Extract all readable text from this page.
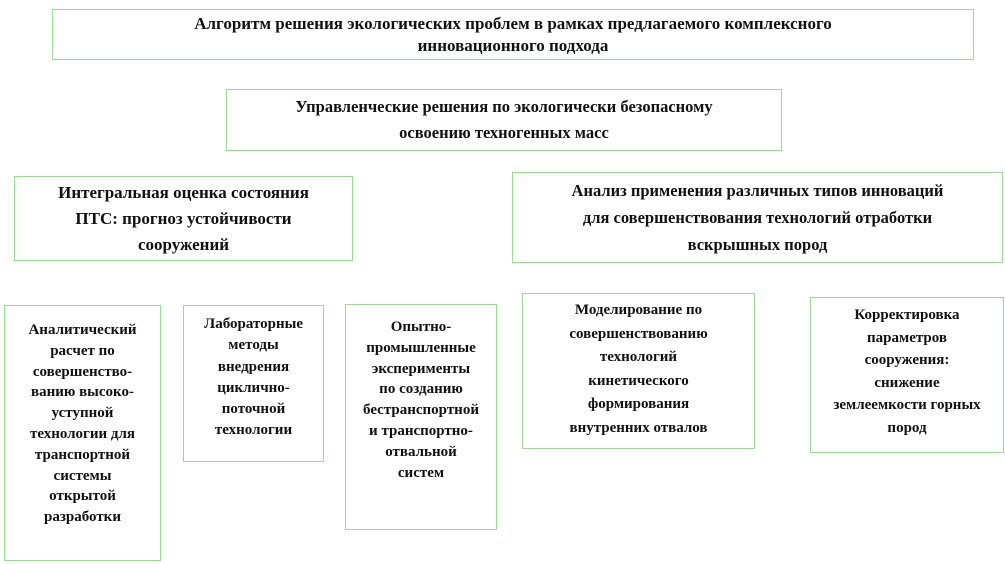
Алгоритм решения экологических проблем в рамках предлагаемого комплексного
инновационного подхода
Управленческие решения по экологически безопасному
освоению техногенных масс
Интегральная оценка состояния
ПТС: прогноз устойчивости
сооружений
Анализ применения различных типов инноваций
для совершенствования технологий отработки
вскрышных пород
Аналитический
расчет по
совершенство-
ванию высоко-
уступной
технологии для
транспортной
системы
открытой
разработки
Лабораторные
методы
внедрения
циклично-
поточной
технологии
Опытно-
промышленные
эксперименты
по созданию
бестранспортной
и транспортно-
отвальной
систем
Моделирование по
совершенствованию
технологий
кинетического
формирования
внутренних отвалов
Корректировка
параметров
сооружения:
снижение
землеемкости горных
пород
